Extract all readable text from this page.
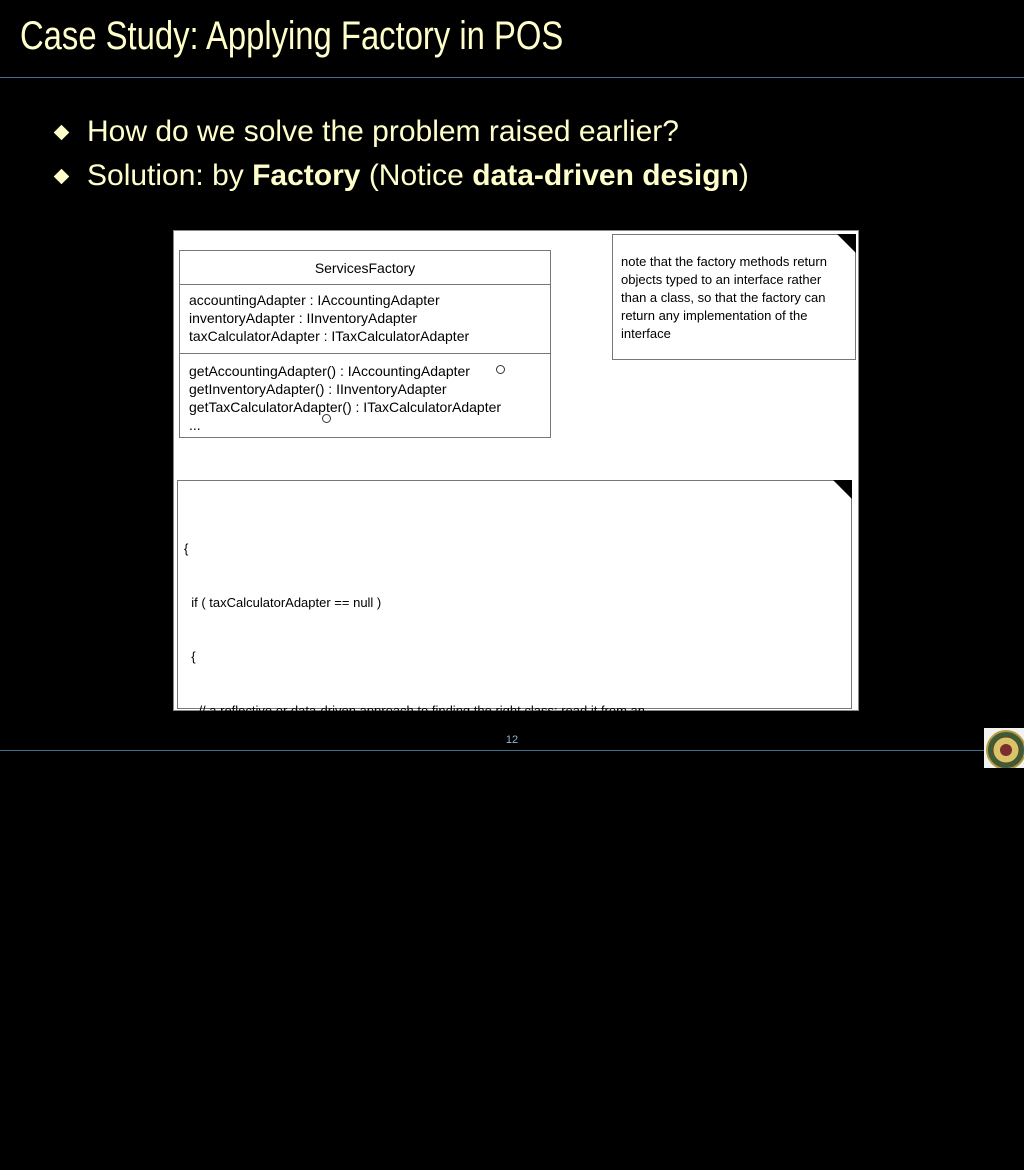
Case Study: Applying Factory in POS
How do we solve the problem raised earlier?
Solution: by Factory (Notice data-driven design)
ServicesFactory
accountingAdapter : IAccountingAdapter
inventoryAdapter : IInventoryAdapter
taxCalculatorAdapter : ITaxCalculatorAdapter
getAccountingAdapter() : IAccountingAdapter
getInventoryAdapter() : IInventoryAdapter
getTaxCalculatorAdapter() : ITaxCalculatorAdapter
...
note that the factory methods return objects typed to an interface rather than a class, so that the factory can return any implementation of the interface

{

if ( taxCalculatorAdapter == null )

{

// a reflective or data-driven approach to finding the right class: read it from an

// external property

String className = System.getProperty( "taxcalculator.class.name" );

taxCalculatorAdapter = (ITaxCalculatorAdapter) Class.forName( className ).newInstance();

}

return taxCalculatorAdapter;

}

12
